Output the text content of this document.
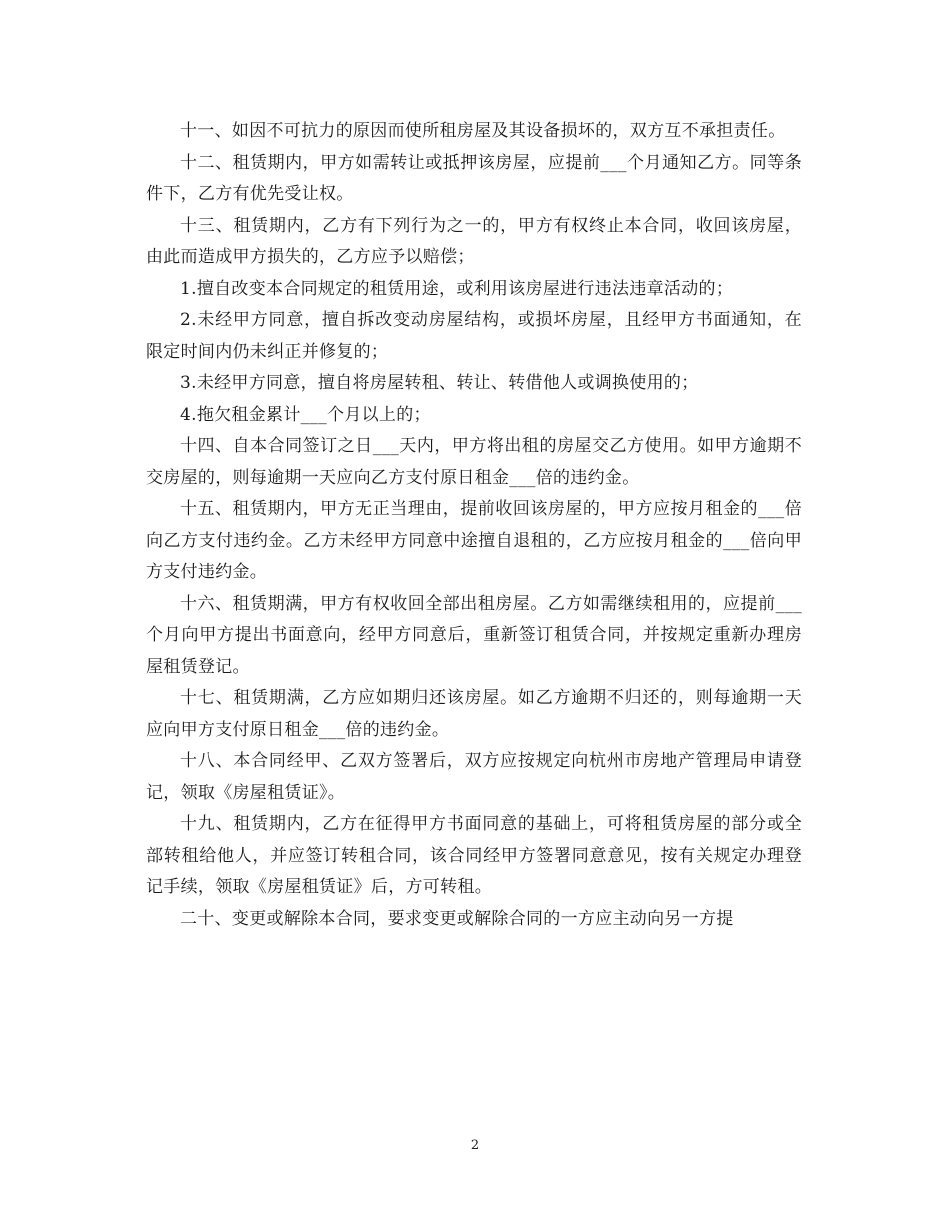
十一、如因不可抗力的原因而使所租房屋及其设备损坏的，双方互不承担责任。

十二、租赁期内，甲方如需转让或抵押该房屋，应提前___个月通知乙方。同等条件下，乙方有优先受让权。

十三、租赁期内，乙方有下列行为之一的，甲方有权终止本合同，收回该房屋，由此而造成甲方损失的，乙方应予以赔偿；

1.擅自改变本合同规定的租赁用途，或利用该房屋进行违法违章活动的；

2.未经甲方同意，擅自拆改变动房屋结构，或损坏房屋，且经甲方书面通知，在限定时间内仍未纠正并修复的；

3.未经甲方同意，擅自将房屋转租、转让、转借他人或调换使用的；

4.拖欠租金累计___个月以上的；

十四、自本合同签订之日___天内，甲方将出租的房屋交乙方使用。如甲方逾期不交房屋的，则每逾期一天应向乙方支付原日租金___倍的违约金。

十五、租赁期内，甲方无正当理由，提前收回该房屋的，甲方应按月租金的___倍向乙方支付违约金。乙方未经甲方同意中途擅自退租的，乙方应按月租金的___倍向甲方支付违约金。

十六、租赁期满，甲方有权收回全部出租房屋。乙方如需继续租用的，应提前___个月向甲方提出书面意向，经甲方同意后，重新签订租赁合同，并按规定重新办理房屋租赁登记。

十七、租赁期满，乙方应如期归还该房屋。如乙方逾期不归还的，则每逾期一天应向甲方支付原日租金___倍的违约金。

十八、本合同经甲、乙双方签署后，双方应按规定向杭州市房地产管理局申请登记，领取《房屋租赁证》。

十九、租赁期内，乙方在征得甲方书面同意的基础上，可将租赁房屋的部分或全部转租给他人，并应签订转租合同，该合同经甲方签署同意意见，按有关规定办理登记手续，领取《房屋租赁证》后，方可转租。

二十、变更或解除本合同，要求变更或解除合同的一方应主动向另一方提

2
